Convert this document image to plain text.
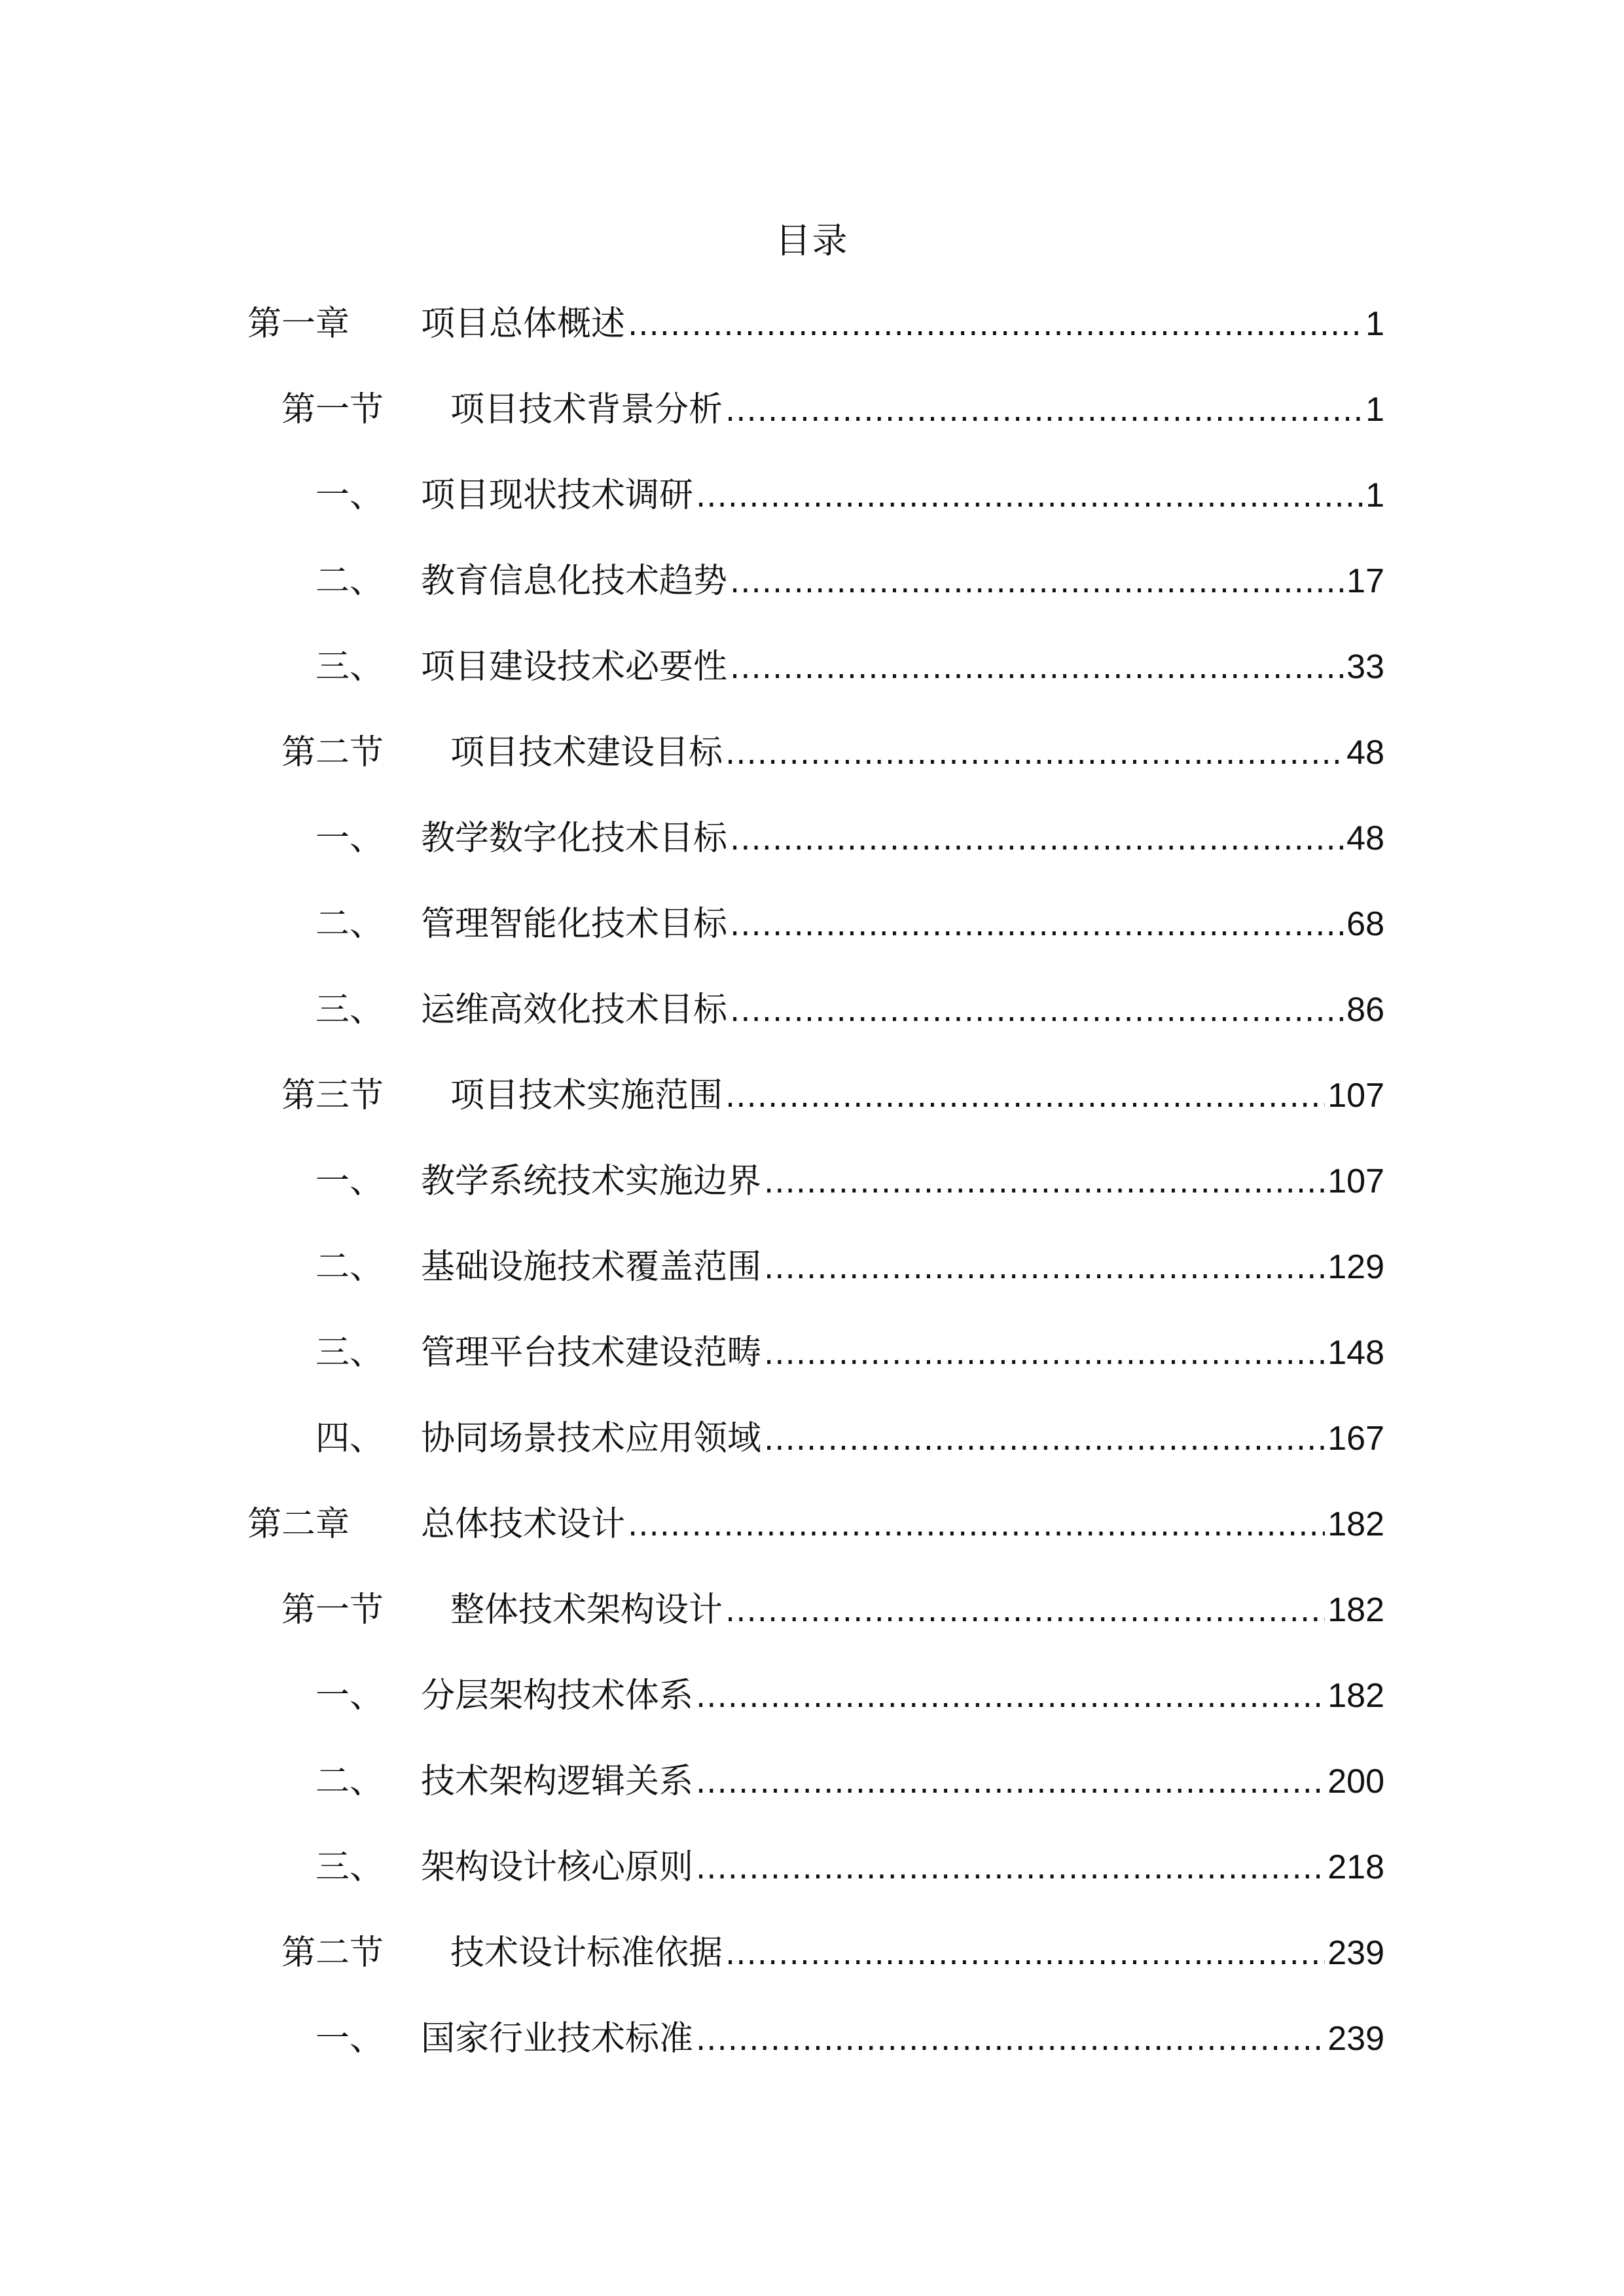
目录
第一章 项目总体概述 .....	1
第一节 项目技术背景分析 .....	1
一、 项目现状技术调研 .....	1
二、 教育信息化技术趋势 .....	17
三、 项目建设技术必要性 .....	33
第二节 项目技术建设目标 .....	48
一、 教学数字化技术目标 .....	48
二、 管理智能化技术目标 .....	68
三、 运维高效化技术目标 .....	86
第三节 项目技术实施范围 .....	107
一、 教学系统技术实施边界 .....	107
二、 基础设施技术覆盖范围 .....	129
三、 管理平台技术建设范畴 .....	148
四、 协同场景技术应用领域 .....	167
第二章 总体技术设计 .....	182
第一节 整体技术架构设计 .....	182
一、 分层架构技术体系 .....	182
二、 技术架构逻辑关系 .....	200
三、 架构设计核心原则 .....	218
第二节 技术设计标准依据 .....	239
一、 国家行业技术标准 .....	239
